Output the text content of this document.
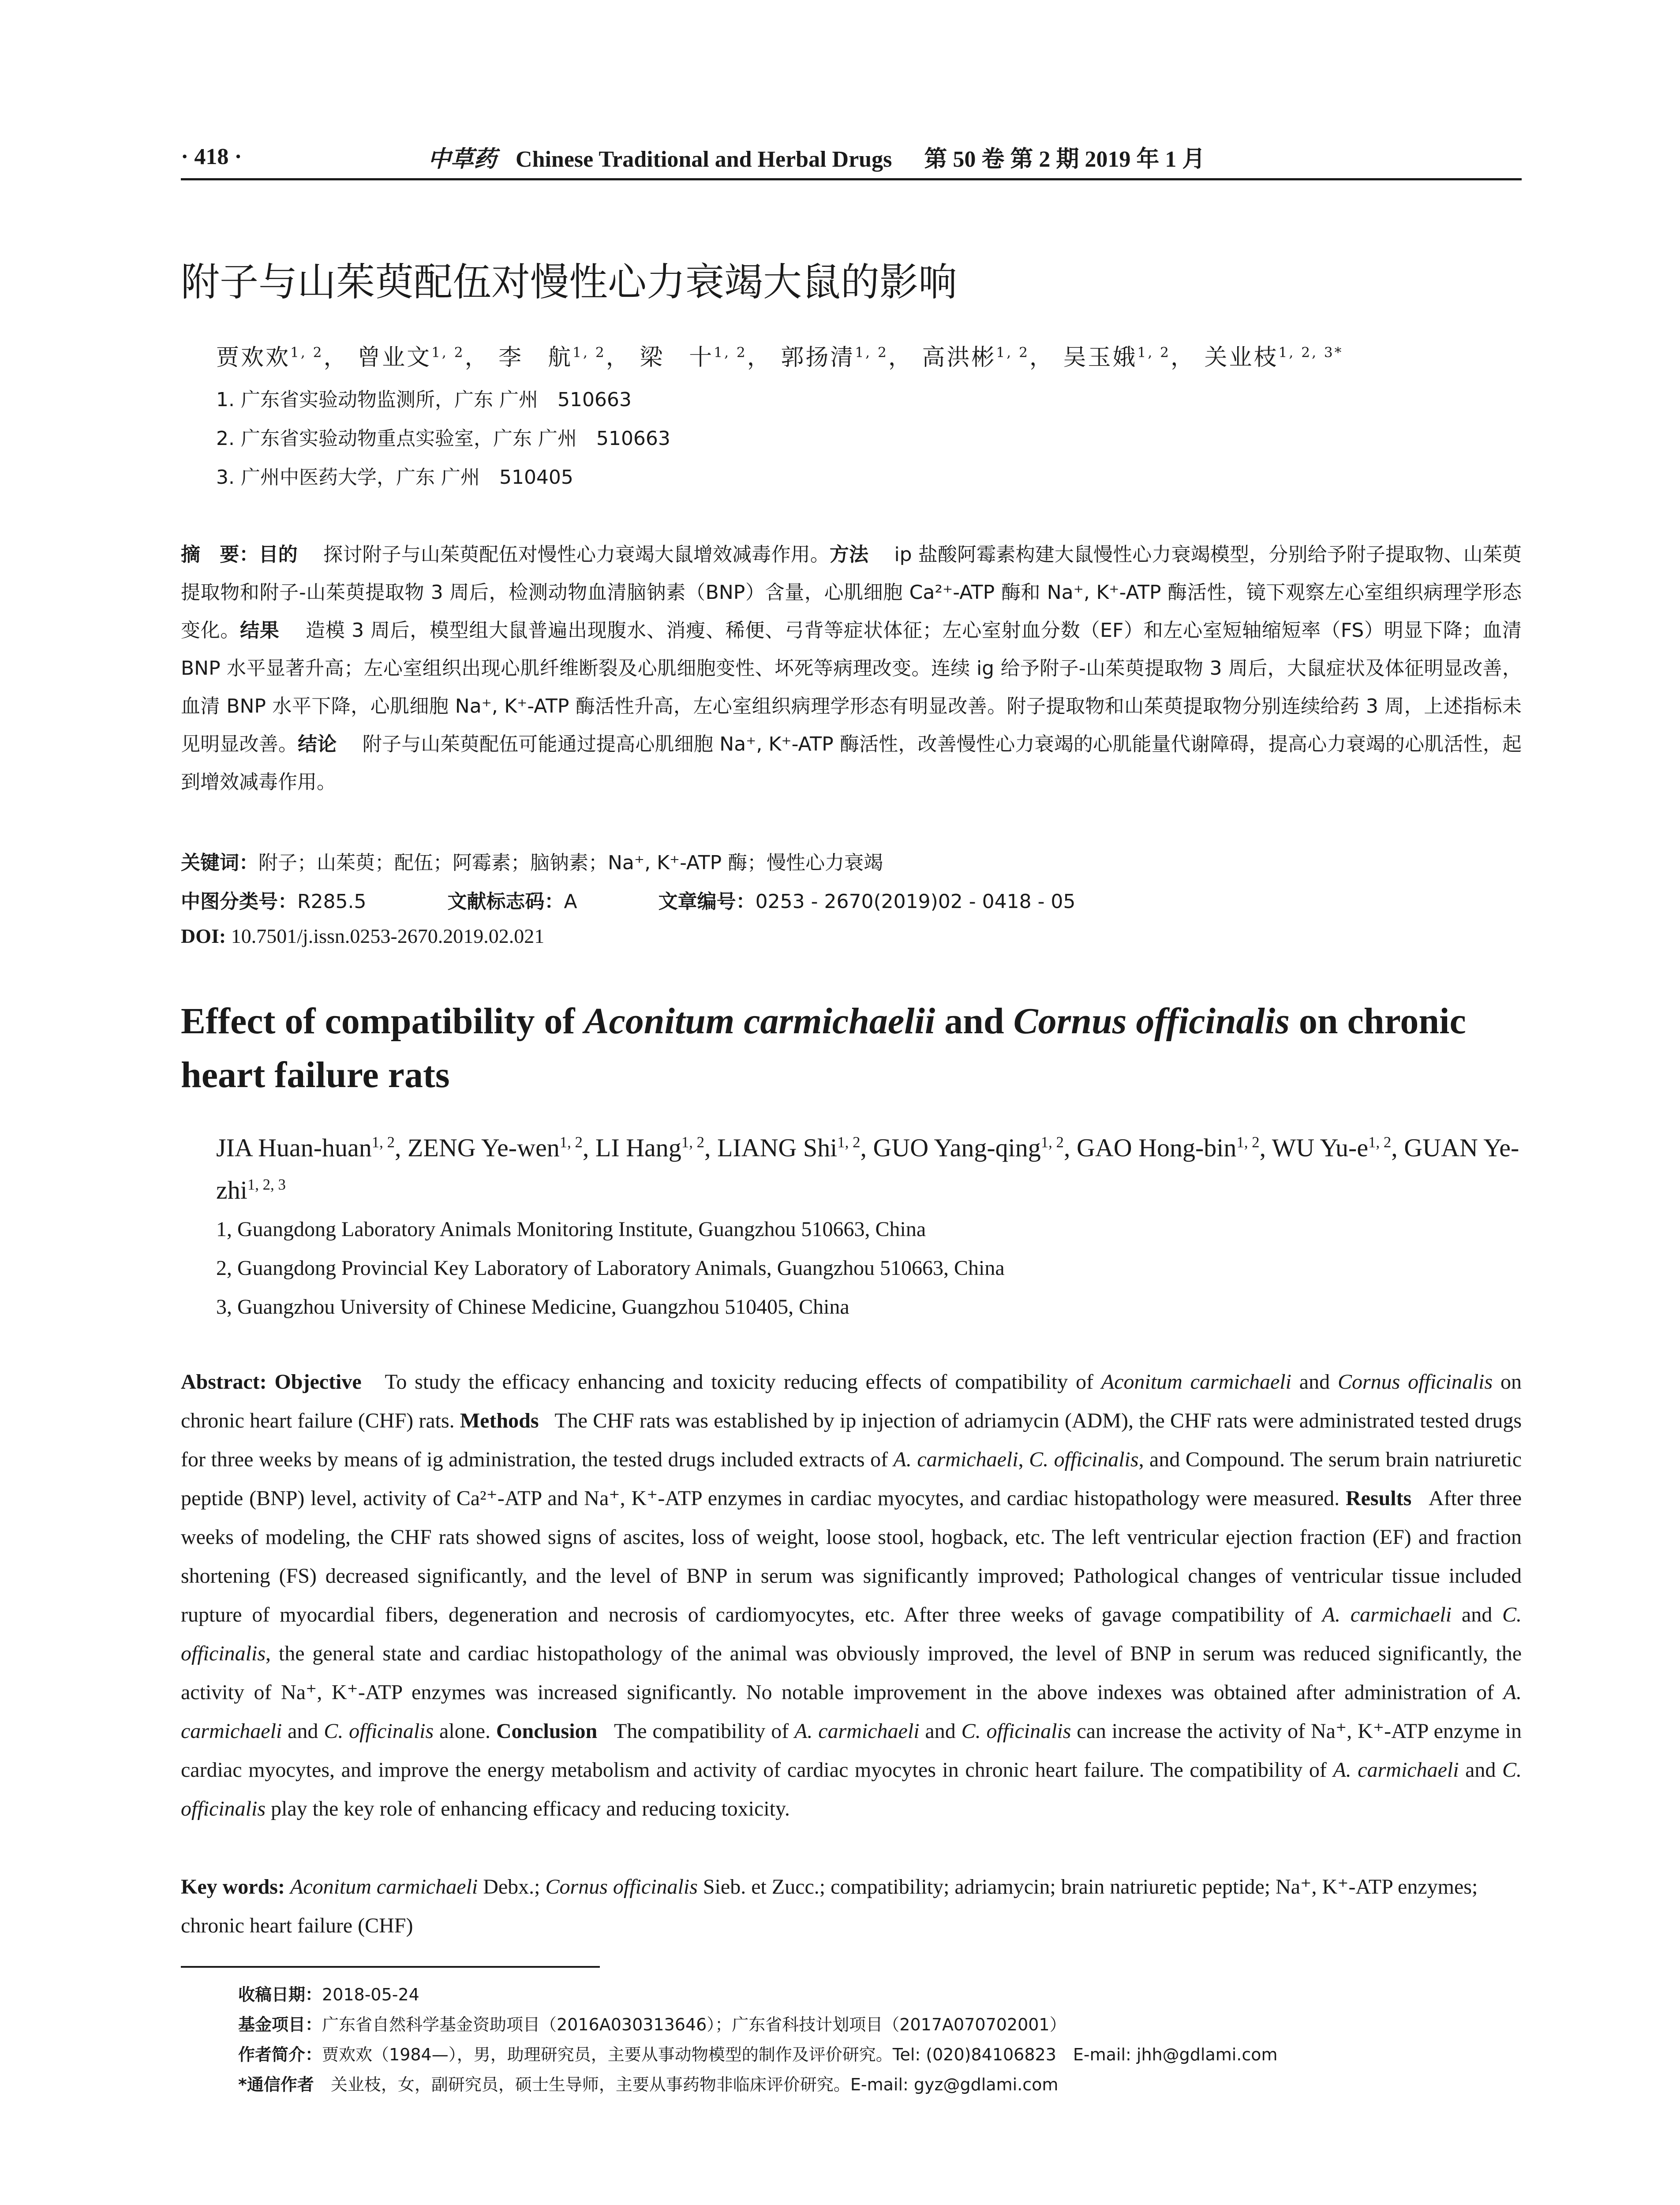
· 418 ·	中草药 Chinese Traditional and Herbal Drugs 第 50 卷 第 2 期 2019 年 1 月
附子与山茱萸配伍对慢性心力衰竭大鼠的影响
贾欢欢$^{1, 2}$， 曾业文$^{1, 2}$， 李　航$^{1, 2}$， 梁　十$^{1, 2}$， 郭扬清$^{1, 2}$， 高洪彬$^{1, 2}$， 吴玉娥$^{1, 2}$， 关业枝$^{1, 2, 3*}$
1. 广东省实验动物监测所，广东 广州　510663
2. 广东省实验动物重点实验室，广东 广州　510663
3. 广州中医药大学，广东 广州　510405
摘　要：目的　 探讨附子与山茱萸配伍对慢性心力衰竭大鼠增效减毒作用。方法　 ip 盐酸阿霉素构建大鼠慢性心力衰竭模型，分别给予附子提取物、山茱萸提取物和附子-山茱萸提取物 3 周后，检测动物血清脑钠素（BNP）含量，心肌细胞 Ca²⁺-ATP 酶和 Na⁺, K⁺-ATP 酶活性，镜下观察左心室组织病理学形态变化。结果　 造模 3 周后，模型组大鼠普遍出现腹水、消瘦、稀便、弓背等症状体征；左心室射血分数（EF）和左心室短轴缩短率（FS）明显下降；血清 BNP 水平显著升高；左心室组织出现心肌纤维断裂及心肌细胞变性、坏死等病理改变。连续 ig 给予附子-山茱萸提取物 3 周后，大鼠症状及体征明显改善，血清 BNP 水平下降，心肌细胞 Na⁺, K⁺-ATP 酶活性升高，左心室组织病理学形态有明显改善。附子提取物和山茱萸提取物分别连续给药 3 周，上述指标未见明显改善。结论　 附子与山茱萸配伍可能通过提高心肌细胞 Na⁺, K⁺-ATP 酶活性，改善慢性心力衰竭的心肌能量代谢障碍，提高心力衰竭的心肌活性，起到增效减毒作用。
关键词：附子；山茱萸；配伍；阿霉素；脑钠素；Na⁺, K⁺-ATP 酶；慢性心力衰竭
中图分类号：R285.5	文献标志码：A	文章编号：0253 - 2670(2019)02 - 0418 - 05
DOI: 10.7501/j.issn.0253-2670.2019.02.021
Effect of compatibility of Aconitum carmichaelii and Cornus officinalis on chronic heart failure rats
JIA Huan-huan$^{1, 2}$, ZENG Ye-wen$^{1, 2}$, LI Hang$^{1, 2}$, LIANG Shi$^{1, 2}$, GUO Yang-qing$^{1, 2}$, GAO Hong-bin$^{1, 2}$, WU $Yu-e^{1, 2}$, GUAN Ye-zhi$^{1, 2, 3}$
1, Guangdong Laboratory Animals Monitoring Institute, Guangzhou 510663, China
2, Guangdong Provincial Key Laboratory of Laboratory Animals, Guangzhou 510663, China
3, Guangzhou University of Chinese Medicine, Guangzhou 510405, China
Abstract: Objective To study the efficacy enhancing and toxicity reducing effects of compatibility of Aconitum carmichaeli and Cornus officinalis on chronic heart failure (CHF) rats. Methods The CHF rats was established by ip injection of adriamycin (ADM), the CHF rats were administrated tested drugs for three weeks by means of ig administration, the tested drugs included extracts of A. carmichaeli, C. officinalis, and Compound. The serum brain natriuretic peptide (BNP) level, activity of Ca²⁺-ATP and Na⁺, K⁺-ATP enzymes in cardiac myocytes, and cardiac histopathology were measured. Results After three weeks of modeling, the CHF rats showed signs of ascites, loss of weight, loose stool, hogback, etc. The left ventricular ejection fraction (EF) and fraction shortening (FS) decreased significantly, and the level of BNP in serum was significantly improved; Pathological changes of ventricular tissue included rupture of myocardial fibers, degeneration and necrosis of cardiomyocytes, etc. After three weeks of gavage compatibility of A. carmichaeli and C. officinalis, the general state and cardiac histopathology of the animal was obviously improved, the level of BNP in serum was reduced significantly, the activity of Na⁺, K⁺-ATP enzymes was increased significantly. No notable improvement in the above indexes was obtained after administration of A. carmichaeli and C. officinalis alone. Conclusion The compatibility of A. carmichaeli and C. officinalis can increase the activity of Na⁺, K⁺-ATP enzyme in cardiac myocytes, and improve the energy metabolism and activity of cardiac myocytes in chronic heart failure. The compatibility of A. carmichaeli and C. officinalis play the key role of enhancing efficacy and reducing toxicity.
Key words: Aconitum carmichaeli Debx.; Cornus officinalis Sieb. et Zucc.; compatibility; adriamycin; brain natriuretic peptide; Na⁺, K⁺-ATP enzymes; chronic heart failure (CHF)
收稿日期：2018-05-24
基金项目：广东省自然科学基金资助项目（2016A030313646）；广东省科技计划项目（2017A070702001）
作者简介：贾欢欢（1984—），男，助理研究员，主要从事动物模型的制作及评价研究。Tel: (020)84106823　E-mail: jhh@gdlami.com
*通信作者　 关业枝，女，副研究员，硕士生导师，主要从事药物非临床评价研究。E-mail: gyz@gdlami.com
